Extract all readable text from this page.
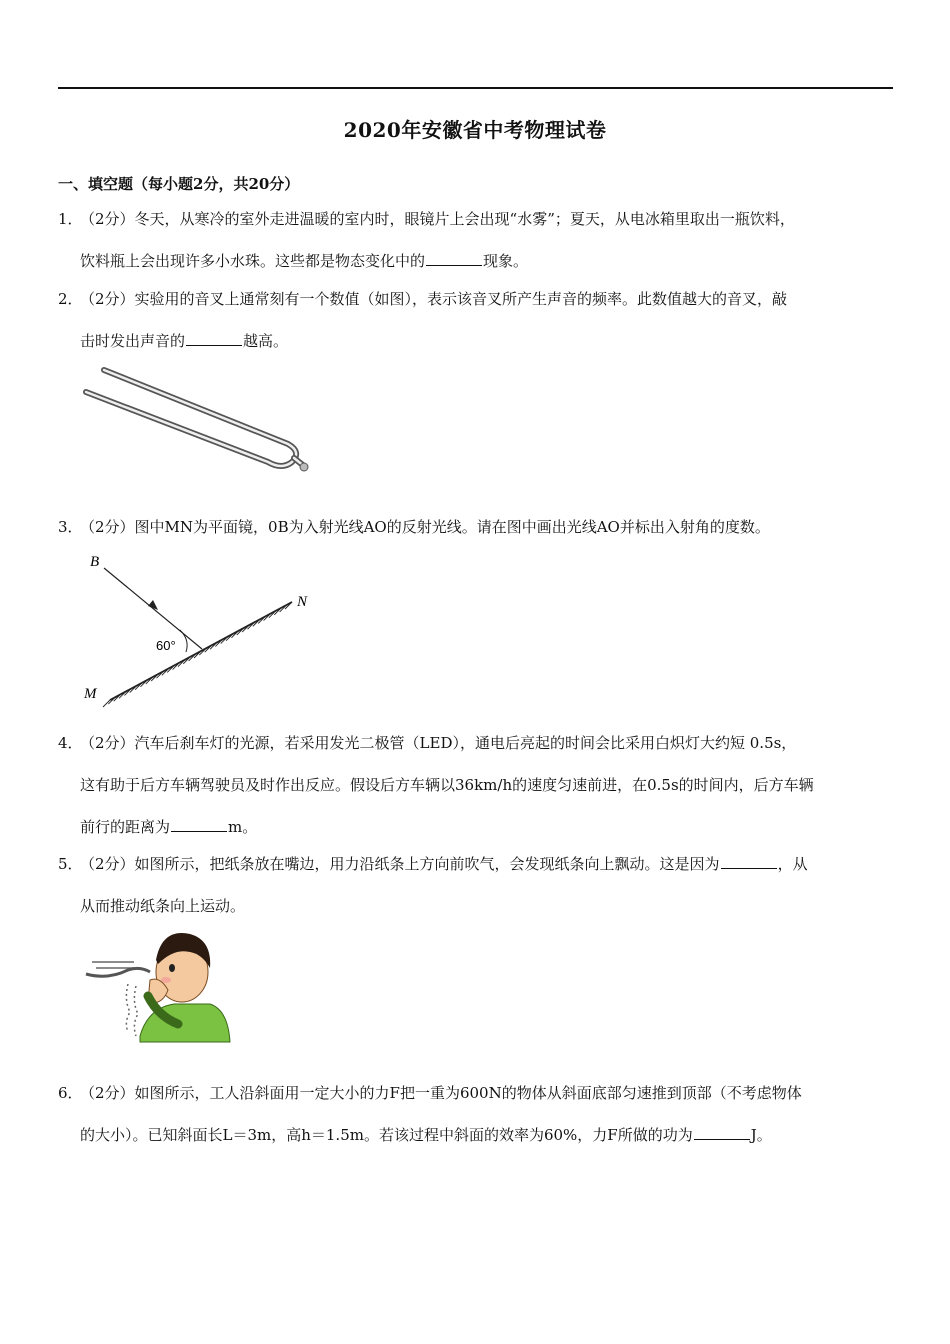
2020年安徽省中考物理试卷
一、填空题（每小题2分，共20分）
1．
（2分）冬天，从寒冷的室外走进温暖的室内时，眼镜片上会出现“水雾”；夏天，从电冰箱里取出一瓶饮料，
饮料瓶上会出现许多小水珠。这些都是物态变化中的	现象。
2．
（2分）实验用的音叉上通常刻有一个数值（如图），表示该音叉所产生声音的频率。此数值越大的音叉，敲
击时发出声音的	越高。
3．
（2分）图中MN为平面镜，0B为入射光线AO的反射光线。请在图中画出光线AO并标出入射角的度数。
B
N
M
60°
4．
（2分）汽车后刹车灯的光源，若采用发光二极管（LED），通电后亮起的时间会比采用白炽灯大约短 0.5s，
这有助于后方车辆驾驶员及时作出反应。假设后方车辆以36km/h的速度匀速前进，在0.5s的时间内，后方车辆
前行的距离为	m。
5．
（2分）如图所示，把纸条放在嘴边，用力沿纸条上方向前吹气，会发现纸条向上飘动。这是因为	，从
从而推动纸条向上运动。
6．
（2分）如图所示，工人沿斜面用一定大小的力F把一重为600N的物体从斜面底部匀速推到顶部（不考虑物体
的大小）。已知斜面长L＝3m，高h＝1.5m。若该过程中斜面的效率为60%，力F所做的功为	J。
